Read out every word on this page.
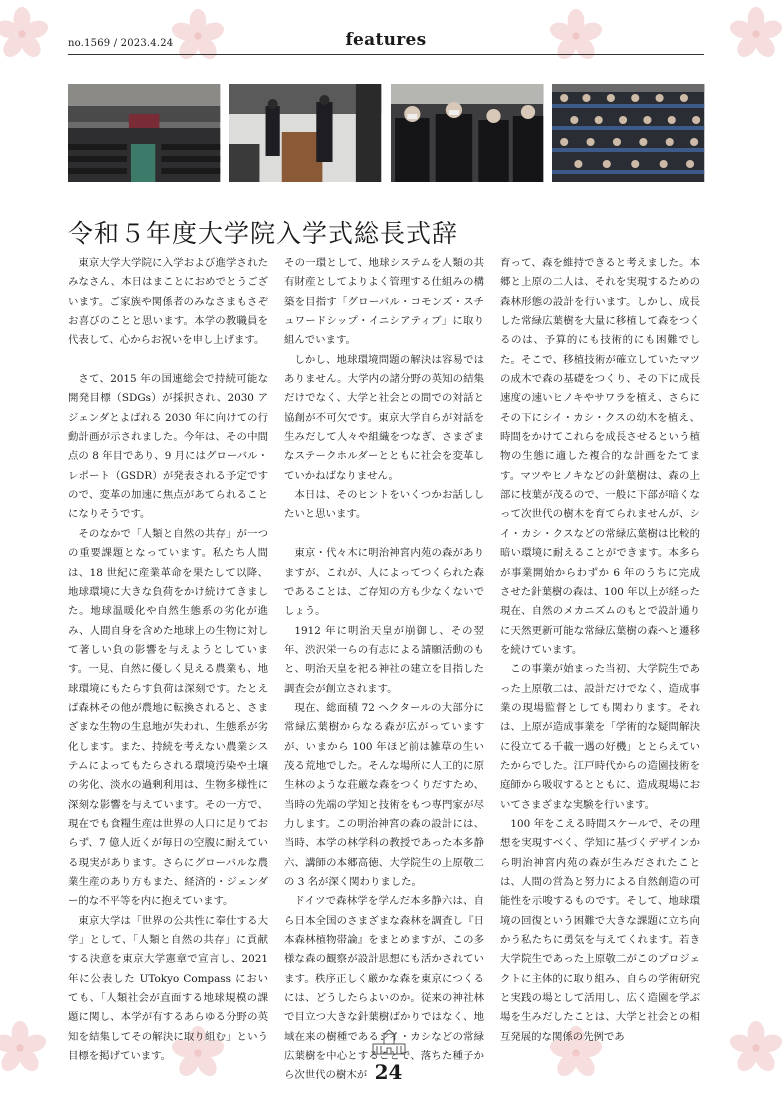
no.1569 / 2023.4.24	features
令和５年度大学院入学式総長式辞

東京大学大学院に入学および進学されたみなさん、本日はまことにおめでとうございます。ご家族や関係者のみなさまもさぞお喜びのことと思います。本学の教職員を代表して、心からお祝いを申し上げます。

さて、2015 年の国連総会で持続可能な開発目標（SDGs）が採択され、2030 アジェンダとよばれる 2030 年に向けての行動計画が示されました。今年は、その中間点の 8 年目であり、9 月にはグローバル・レポート（GSDR）が発表される予定ですので、変革の加速に焦点があてられることになりそうです。

そのなかで「人類と自然の共存」が一つの重要課題となっています。私たち人間は、18 世紀に産業革命を果たして以降、地球環境に大きな負荷をかけ続けてきました。地球温暖化や自然生態系の劣化が進み、人間自身を含めた地球上の生物に対して著しい負の影響を与えようとしています。一見、自然に優しく見える農業も、地球環境にもたらす負荷は深刻です。たとえば森林その他が農地に転換されると、さまざまな生物の生息地が失われ、生態系が劣化します。また、持続を考えない農業システムによってもたらされる環境汚染や土壌の劣化、淡水の過剰利用は、生物多様性に深刻な影響を与えています。その一方で、現在でも食糧生産は世界の人口に足りておらず、7 億人近くが毎日の空腹に耐えている現実があります。さらにグローバルな農業生産のあり方もまた、経済的・ジェンダー的な不平等を内に抱えています。

東京大学は「世界の公共性に奉仕する大学」として、「人類と自然の共存」に貢献する決意を東京大学憲章で宣言し、2021 年に公表した UTokyo Compass においても、「人類社会が直面する地球規模の課題に関し、本学が有するあらゆる分野の英知を結集してその解決に取り組む」という目標を掲げています。

その一環として、地球システムを人類の共有財産としてよりよく管理する仕組みの構築を目指す「グローバル・コモンズ・スチュワードシップ・イニシアティブ」に取り組んでいます。

しかし、地球環境問題の解決は容易ではありません。大学内の諸分野の英知の結集だけでなく、大学と社会との間での対話と協創が不可欠です。東京大学自らが対話を生みだして人々や組織をつなぎ、さまざまなステークホルダーとともに社会を変革していかねばなりません。

本日は、そのヒントをいくつかお話ししたいと思います。

東京・代々木に明治神宮内苑の森がありますが、これが、人によってつくられた森であることは、ご存知の方も少なくないでしょう。

1912 年に明治天皇が崩御し、その翌年、渋沢栄一らの有志による請願活動のもと、明治天皇を祀る神社の建立を目指した調査会が創立されます。

現在、総面積 72 ヘクタールの大部分に常緑広葉樹からなる森が広がっていますが、いまから 100 年ほど前は雑草の生い茂る荒地でした。そんな場所に人工的に原生林のような荘厳な森をつくりだすため、当時の先端の学知と技術をもつ専門家が尽力します。この明治神宮の森の設計には、当時、本学の林学科の教授であった本多静六、講師の本郷高徳、大学院生の上原敬二の 3 名が深く関わりました。

ドイツで森林学を学んだ本多静六は、自ら日本全国のさまざまな森林を調査し『日本森林植物帯論』をまとめますが、この多様な森の観察が設計思想にも活かされています。秩序正しく厳かな森を東京につくるには、どうしたらよいのか。従来の神社林で目立つ大きな針葉樹ばかりではなく、地域在来の樹種であるシイ・カシなどの常緑広葉樹を中心とすることで、落ちた種子から次世代の樹木が

育って、森を維持できると考えました。本郷と上原の二人は、それを実現するための森林形態の設計を行います。しかし、成長した常緑広葉樹を大量に移植して森をつくるのは、予算的にも技術的にも困難でした。そこで、移植技術が確立していたマツの成木で森の基礎をつくり、その下に成長速度の速いヒノキやサワラを植え、さらにその下にシイ・カシ・クスの幼木を植え、時間をかけてこれらを成長させるという植物の生態に適した複合的な計画をたてます。マツやヒノキなどの針葉樹は、森の上部に枝葉が茂るので、一般に下部が暗くなって次世代の樹木を育てられませんが、シイ・カシ・クスなどの常緑広葉樹は比較的暗い環境に耐えることができます。本多らが事業開始からわずか 6 年のうちに完成させた針葉樹の森は、100 年以上が経った現在、自然のメカニズムのもとで設計通りに天然更新可能な常緑広葉樹の森へと遷移を続けています。

この事業が始まった当初、大学院生であった上原敬二は、設計だけでなく、造成事業の現場監督としても関わります。それは、上原が造成事業を「学術的な疑問解決に役立てる千載一遇の好機」ととらえていたからでした。江戸時代からの造園技術を庭師から吸収するとともに、造成現場においてさまざまな実験を行います。

100 年をこえる時間スケールで、その理想を実現すべく、学知に基づくデザインから明治神宮内苑の森が生みだされたことは、人間の営為と努力による自然創造の可能性を示唆するものです。そして、地球環境の回復という困難で大きな課題に立ち向かう私たちに勇気を与えてくれます。若き大学院生であった上原敬二がこのプロジェクトに主体的に取り組み、自らの学術研究と実践の場として活用し、広く造園を学ぶ場を生みだしたことは、大学と社会との相互発展的な関係の先例であ

24
